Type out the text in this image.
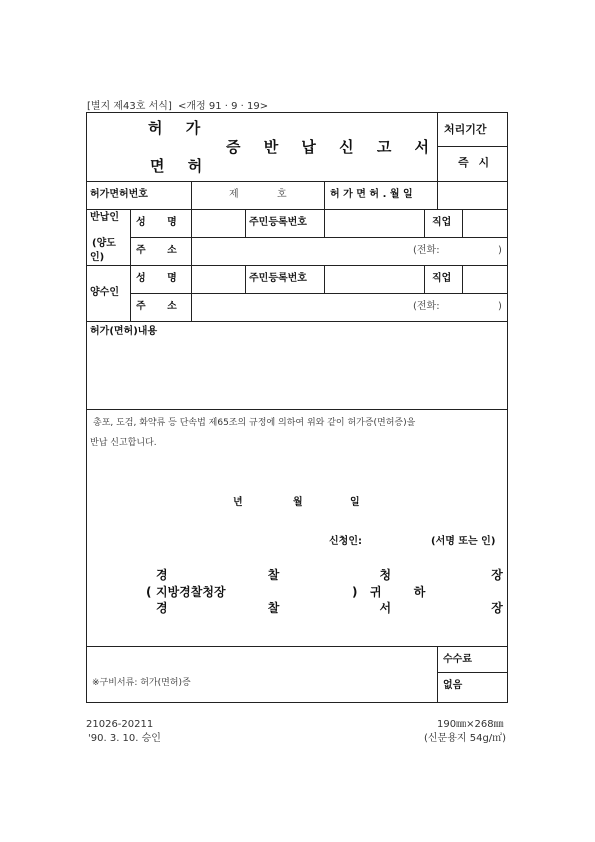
[별지 제43호 서식] <개정 91 · 9 · 19>
허 가
면 허
증 반 납 신 고 서
처리기간
즉 시
허가면허번호	제	호	허 가 면 허 . 월 일
반납인
(양도
인)
성 명	주민등록번호	직업
주 소	(전화:	)
양수인
성 명	주민등록번호	직업
주 소	(전화:	)
허가(면허)내용
총포, 도검, 화약류 등 단속법 제65조의 규정에 의하여 위와 같이 허가증(면허증)을
반납 신고합니다.
년	월	일
신청인:	(서명 또는 인)
경 찰 청 장
( 지방경찰청장	) 귀 하
경 찰 서 장
※구비서류: 허가(면허)증
수수료
없음
21026-20211
'90. 3. 10. 승인
190㎜×268㎜
(신문용지 54g/㎡)
